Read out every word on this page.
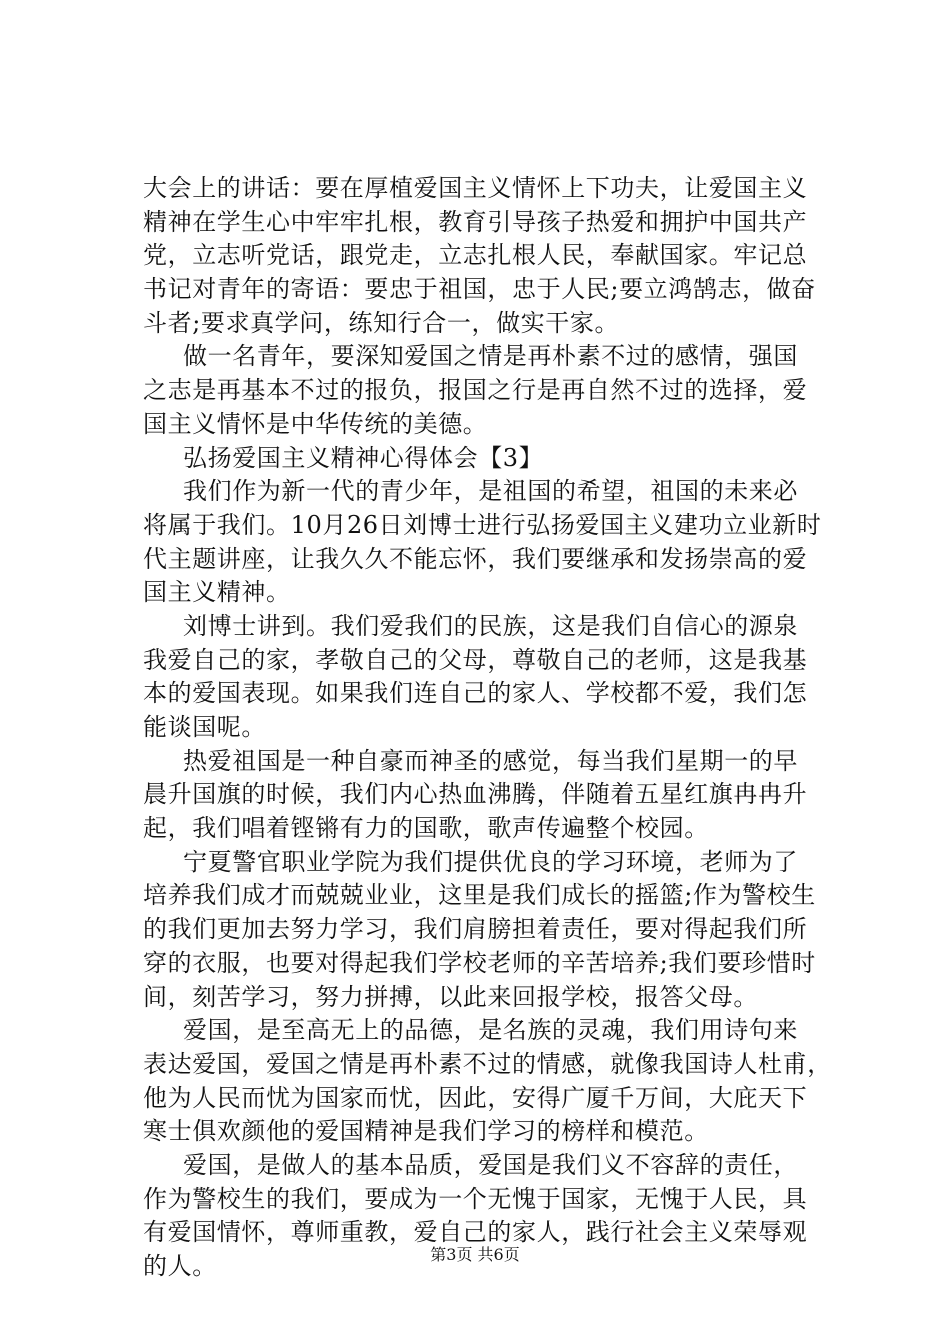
大会上的讲话：要在厚植爱国主义情怀上下功夫，让爱国主义
精神在学生心中牢牢扎根，教育引导孩子热爱和拥护中国共产
党，立志听党话，跟党走，立志扎根人民，奉献国家。牢记总
书记对青年的寄语：要忠于祖国，忠于人民;要立鸿鹄志，做奋
斗者;要求真学问，练知行合一，做实干家。
做一名青年，要深知爱国之情是再朴素不过的感情，强国
之志是再基本不过的报负，报国之行是再自然不过的选择，爱
国主义情怀是中华传统的美德。
弘扬爱国主义精神心得体会【3】
我们作为新一代的青少年，是祖国的希望，祖国的未来必
将属于我们。10月26日刘博士进行弘扬爱国主义建功立业新时
代主题讲座，让我久久不能忘怀，我们要继承和发扬崇高的爱
国主义精神。
刘博士讲到。我们爱我们的民族，这是我们自信心的源泉
我爱自己的家，孝敬自己的父母，尊敬自己的老师，这是我基
本的爱国表现。如果我们连自己的家人、学校都不爱，我们怎
能谈国呢。
热爱祖国是一种自豪而神圣的感觉，每当我们星期一的早
晨升国旗的时候，我们内心热血沸腾，伴随着五星红旗冉冉升
起，我们唱着铿锵有力的国歌，歌声传遍整个校园。
宁夏警官职业学院为我们提供优良的学习环境，老师为了
培养我们成才而兢兢业业，这里是我们成长的摇篮;作为警校生
的我们更加去努力学习，我们肩膀担着责任，要对得起我们所
穿的衣服，也要对得起我们学校老师的辛苦培养;我们要珍惜时
间，刻苦学习，努力拼搏，以此来回报学校，报答父母。
爱国，是至高无上的品德，是名族的灵魂，我们用诗句来
表达爱国，爱国之情是再朴素不过的情感，就像我国诗人杜甫，
他为人民而忧为国家而忧，因此，安得广厦千万间，大庇天下
寒士俱欢颜他的爱国精神是我们学习的榜样和模范。
爱国，是做人的基本品质，爱国是我们义不容辞的责任，
作为警校生的我们，要成为一个无愧于国家，无愧于人民，具
有爱国情怀，尊师重教，爱自己的家人，践行社会主义荣辱观
的人。	第3页 共6页
